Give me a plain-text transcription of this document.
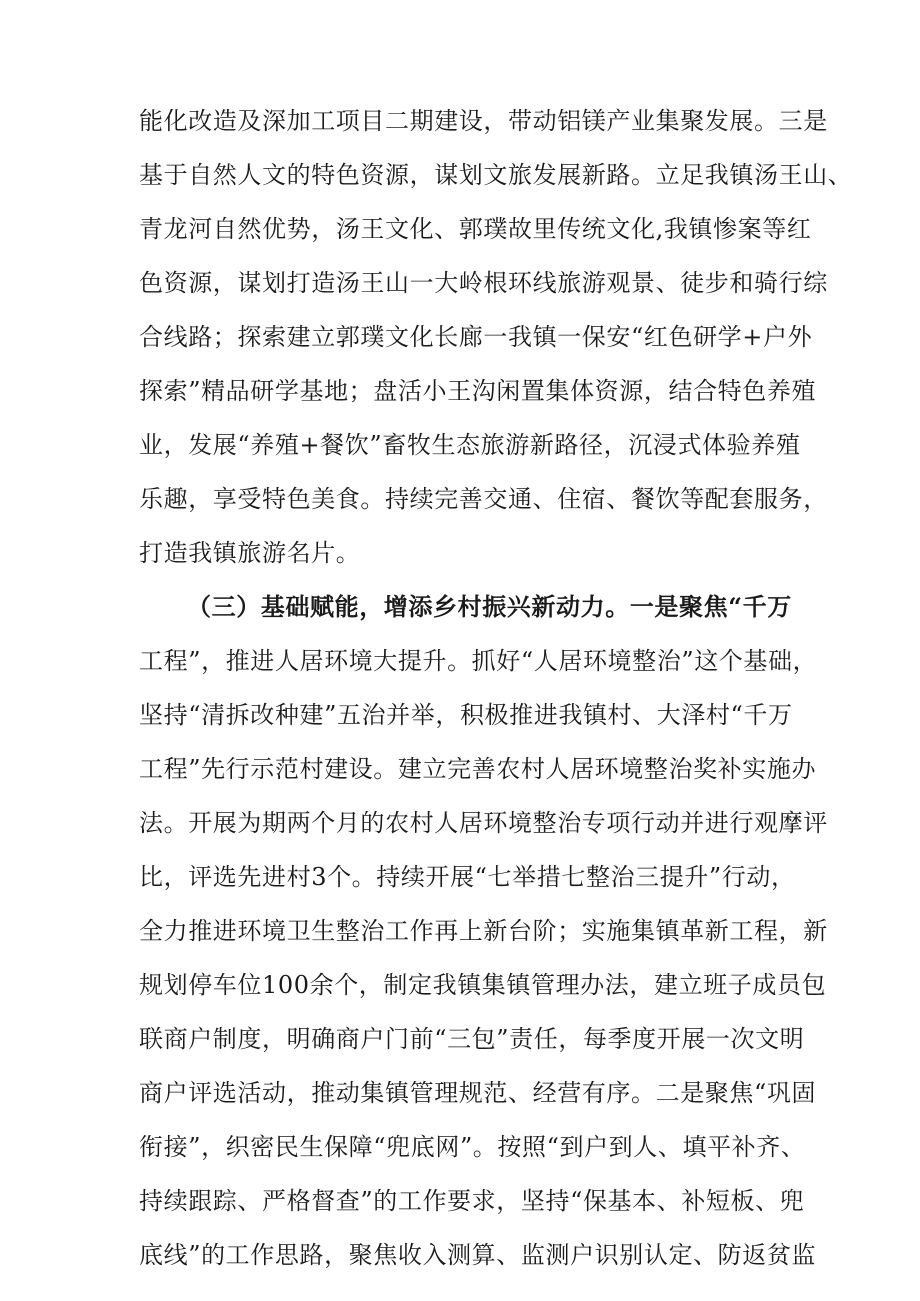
能化改造及深加工项目二期建设，带动铝镁产业集聚发展。三是
基于自然人文的特色资源，谋划文旅发展新路。立足我镇汤王山、
青龙河自然优势，汤王文化、郭璞故里传统文化,我镇惨案等红
色资源，谋划打造汤王山一大岭根环线旅游观景、徒步和骑行综
合线路；探索建立郭璞文化长廊一我镇一保安“红色研学+户外
探索”精品研学基地；盘活小王沟闲置集体资源，结合特色养殖
业，发展“养殖+餐饮”畜牧生态旅游新路径，沉浸式体验养殖
乐趣，享受特色美食。持续完善交通、住宿、餐饮等配套服务，
打造我镇旅游名片。
（三）基础赋能，增添乡村振兴新动力。一是聚焦“千万
工程”，推进人居环境大提升。抓好“人居环境整治”这个基础，
坚持“清拆改种建”五治并举，积极推进我镇村、大泽村“千万
工程”先行示范村建设。建立完善农村人居环境整治奖补实施办
法。开展为期两个月的农村人居环境整治专项行动并进行观摩评
比，评选先进村3个。持续开展“七举措七整治三提升”行动，
全力推进环境卫生整治工作再上新台阶；实施集镇革新工程，新
规划停车位100余个，制定我镇集镇管理办法，建立班子成员包
联商户制度，明确商户门前“三包”责任，每季度开展一次文明
商户评选活动，推动集镇管理规范、经营有序。二是聚焦“巩固
衔接”，织密民生保障“兜底网”。按照“到户到人、填平补齐、
持续跟踪、严格督查”的工作要求，坚持“保基本、补短板、兜
底线”的工作思路，聚焦收入测算、监测户识别认定、防返贫监
